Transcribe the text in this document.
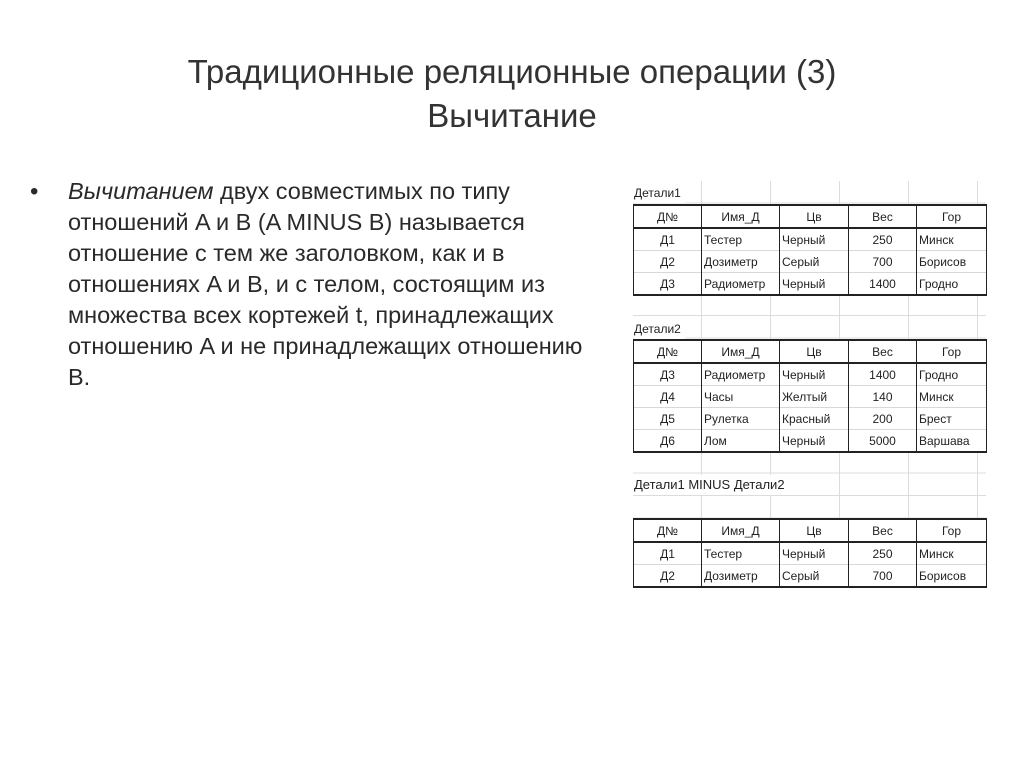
Традиционные реляционные операции (3)
Вычитание
• Вычитанием двух совместимых по типу отношений A и B (A MINUS B) называется отношение с тем же заголовком, как и в отношениях A и B, и с телом, состоящим из множества всех кортежей t, принадлежащих отношению A и не принадлежащих отношению B.
Детали1
Д№	Имя_Д	Цв	Вес	Гор
Д1	Тестер	Черный	250	Минск
Д2	Дозиметр	Серый	700	Борисов
Д3	Радиометр	Черный	1400	Гродно
Детали2
Д№	Имя_Д	Цв	Вес	Гор
Д3	Радиометр	Черный	1400	Гродно
Д4	Часы	Желтый	140	Минск
Д5	Рулетка	Красный	200	Брест
Д6	Лом	Черный	5000	Варшава
Детали1 MINUS Детали2
Д№	Имя_Д	Цв	Вес	Гор
Д1	Тестер	Черный	250	Минск
Д2	Дозиметр	Серый	700	Борисов
